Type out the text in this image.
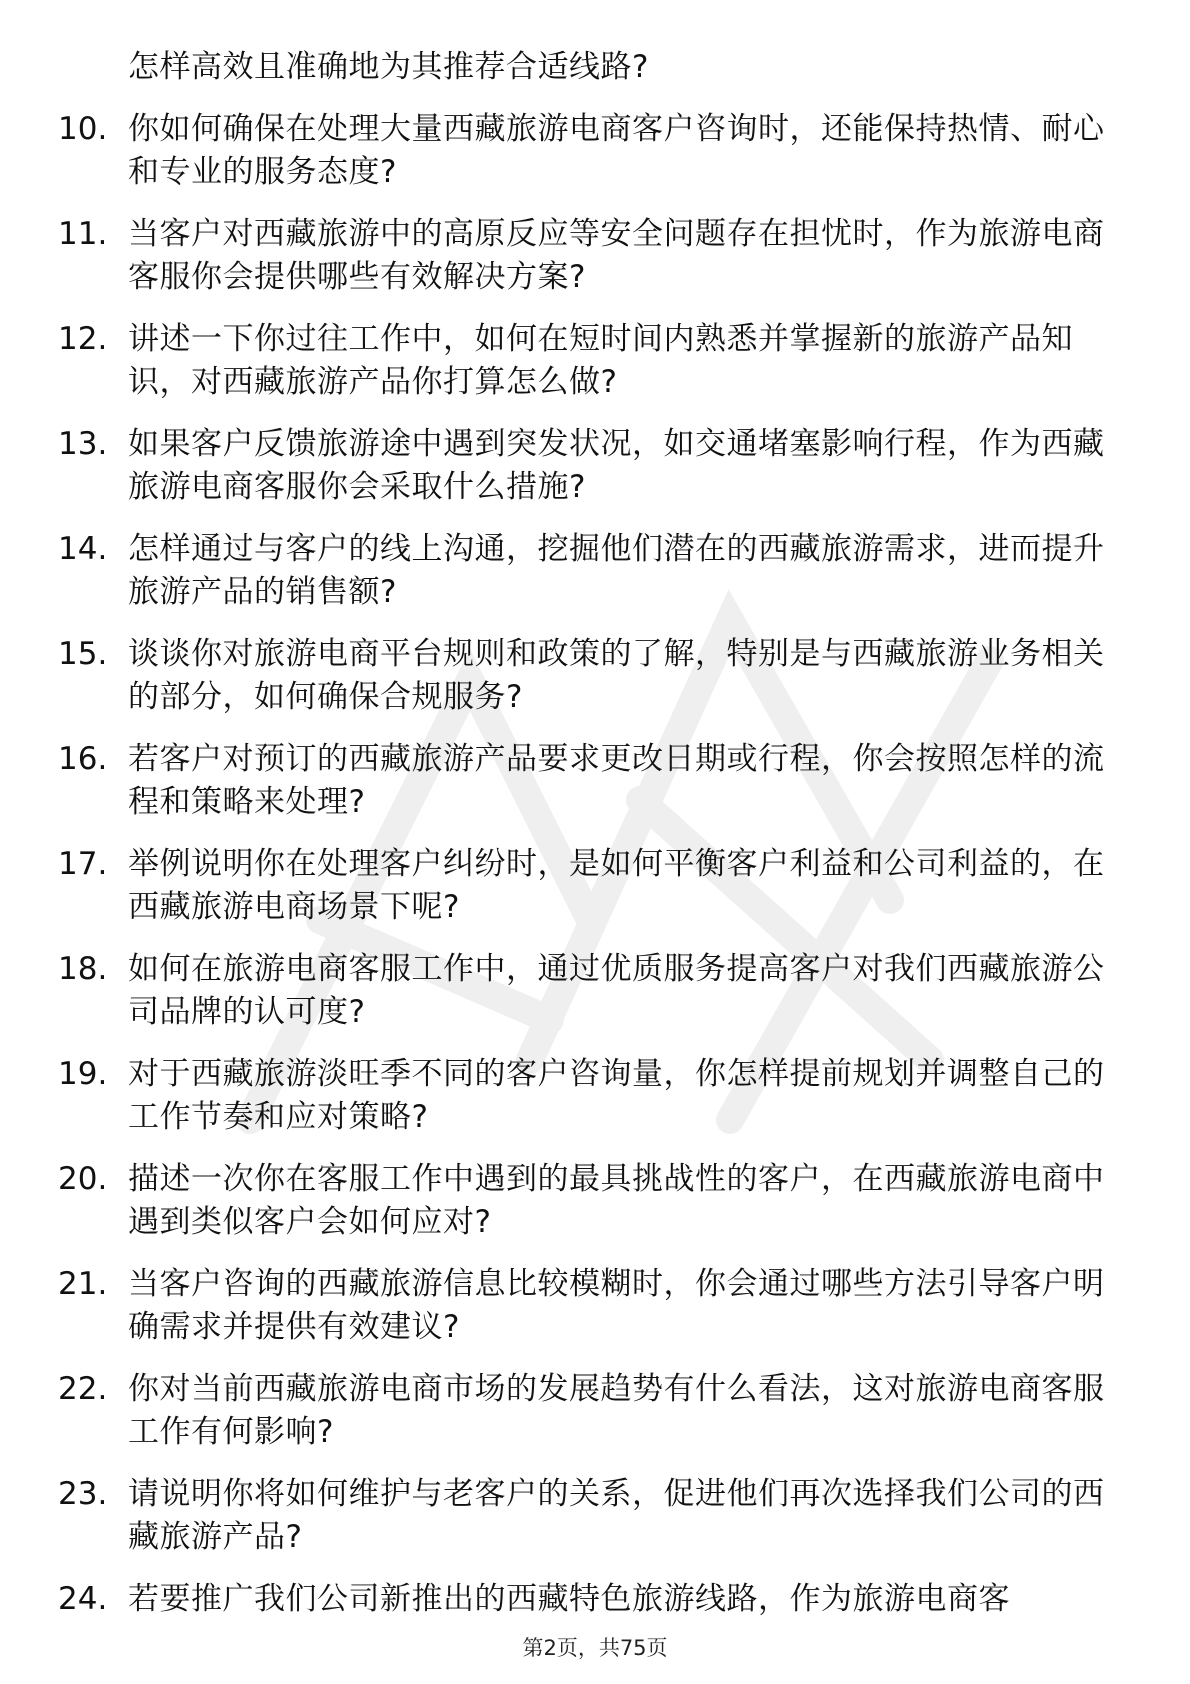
怎样高效且准确地为其推荐合适线路?
10. 你如何确保在处理大量西藏旅游电商客户咨询时，还能保持热情、耐心和专业的服务态度?
11. 当客户对西藏旅游中的高原反应等安全问题存在担忧时，作为旅游电商客服你会提供哪些有效解决方案?
12. 讲述一下你过往工作中，如何在短时间内熟悉并掌握新的旅游产品知识，对西藏旅游产品你打算怎么做?
13. 如果客户反馈旅游途中遇到突发状况，如交通堵塞影响行程，作为西藏旅游电商客服你会采取什么措施?
14. 怎样通过与客户的线上沟通，挖掘他们潜在的西藏旅游需求，进而提升旅游产品的销售额?
15. 谈谈你对旅游电商平台规则和政策的了解，特别是与西藏旅游业务相关的部分，如何确保合规服务?
16. 若客户对预订的西藏旅游产品要求更改日期或行程，你会按照怎样的流程和策略来处理?
17. 举例说明你在处理客户纠纷时，是如何平衡客户利益和公司利益的，在西藏旅游电商场景下呢?
18. 如何在旅游电商客服工作中，通过优质服务提高客户对我们西藏旅游公司品牌的认可度?
19. 对于西藏旅游淡旺季不同的客户咨询量，你怎样提前规划并调整自己的工作节奏和应对策略?
20. 描述一次你在客服工作中遇到的最具挑战性的客户，在西藏旅游电商中遇到类似客户会如何应对?
21. 当客户咨询的西藏旅游信息比较模糊时，你会通过哪些方法引导客户明确需求并提供有效建议?
22. 你对当前西藏旅游电商市场的发展趋势有什么看法，这对旅游电商客服工作有何影响?
23. 请说明你将如何维护与老客户的关系，促进他们再次选择我们公司的西藏旅游产品?
24. 若要推广我们公司新推出的西藏特色旅游线路，作为旅游电商客
第2页，共75页
